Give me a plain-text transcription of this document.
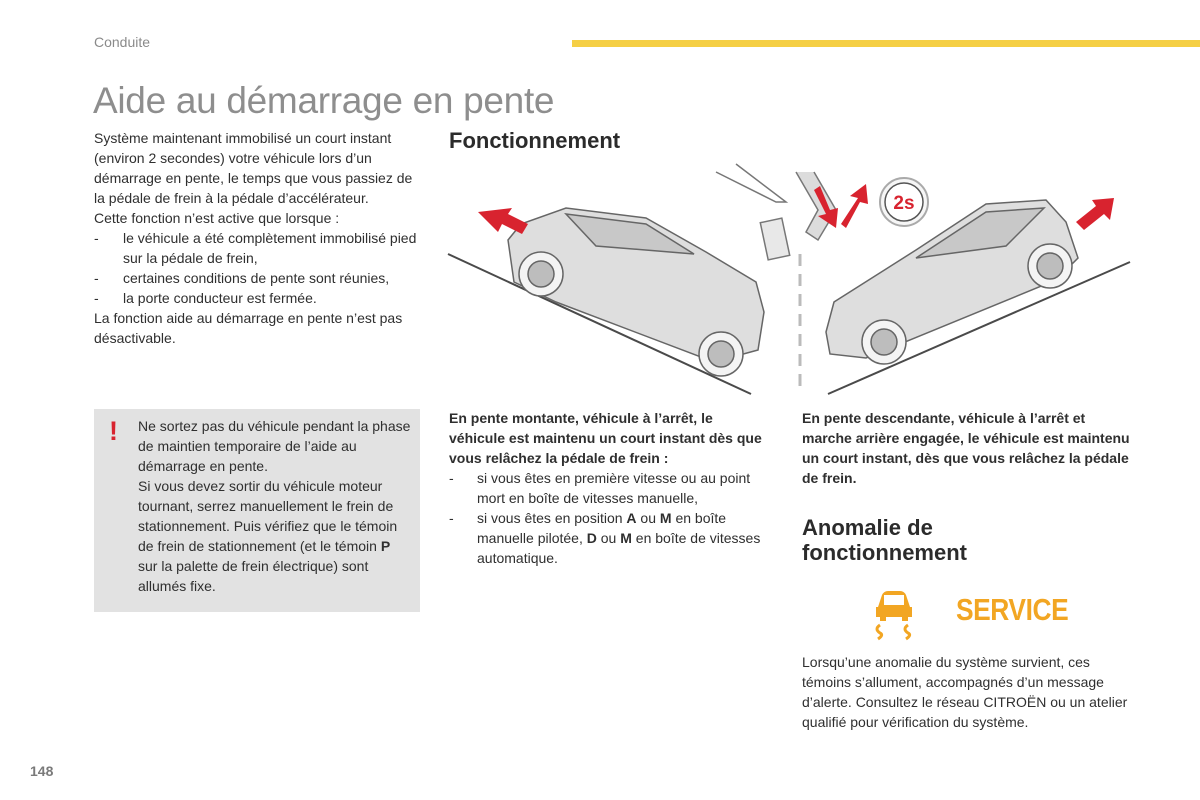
Conduite
Aide au démarrage en pente
Système maintenant immobilisé un court instant (environ 2 secondes) votre véhicule lors d’un démarrage en pente, le temps que vous passiez de la pédale de frein à la pédale d’accélérateur.
Cette fonction n’est active que lorsque :
-	le véhicule a été complètement immobilisé pied sur la pédale de frein,
-	certaines conditions de pente sont réunies,
-	la porte conducteur est fermée.
La fonction aide au démarrage en pente n’est pas désactivable.
! Ne sortez pas du véhicule pendant la phase de maintien temporaire de l’aide au démarrage en pente.
Si vous devez sortir du véhicule moteur tournant, serrez manuellement le frein de stationnement. Puis vérifiez que le témoin de frein de stationnement (et le témoin P sur la palette de frein électrique) sont allumés fixe.
Fonctionnement
2s
En pente montante, véhicule à l’arrêt, le véhicule est maintenu un court instant dès que vous relâchez la pédale de frein :
-	si vous êtes en première vitesse ou au point mort en boîte de vitesses manuelle,
-	si vous êtes en position A ou M en boîte manuelle pilotée, D ou M en boîte de vitesses automatique.
En pente descendante, véhicule à l’arrêt et marche arrière engagée, le véhicule est maintenu un court instant, dès que vous relâchez la pédale de frein.
Anomalie de fonctionnement
SERVICE
Lorsqu’une anomalie du système survient, ces témoins s’allument, accompagnés d’un message d’alerte. Consultez le réseau CITROËN ou un atelier qualifié pour vérification du système.
148
